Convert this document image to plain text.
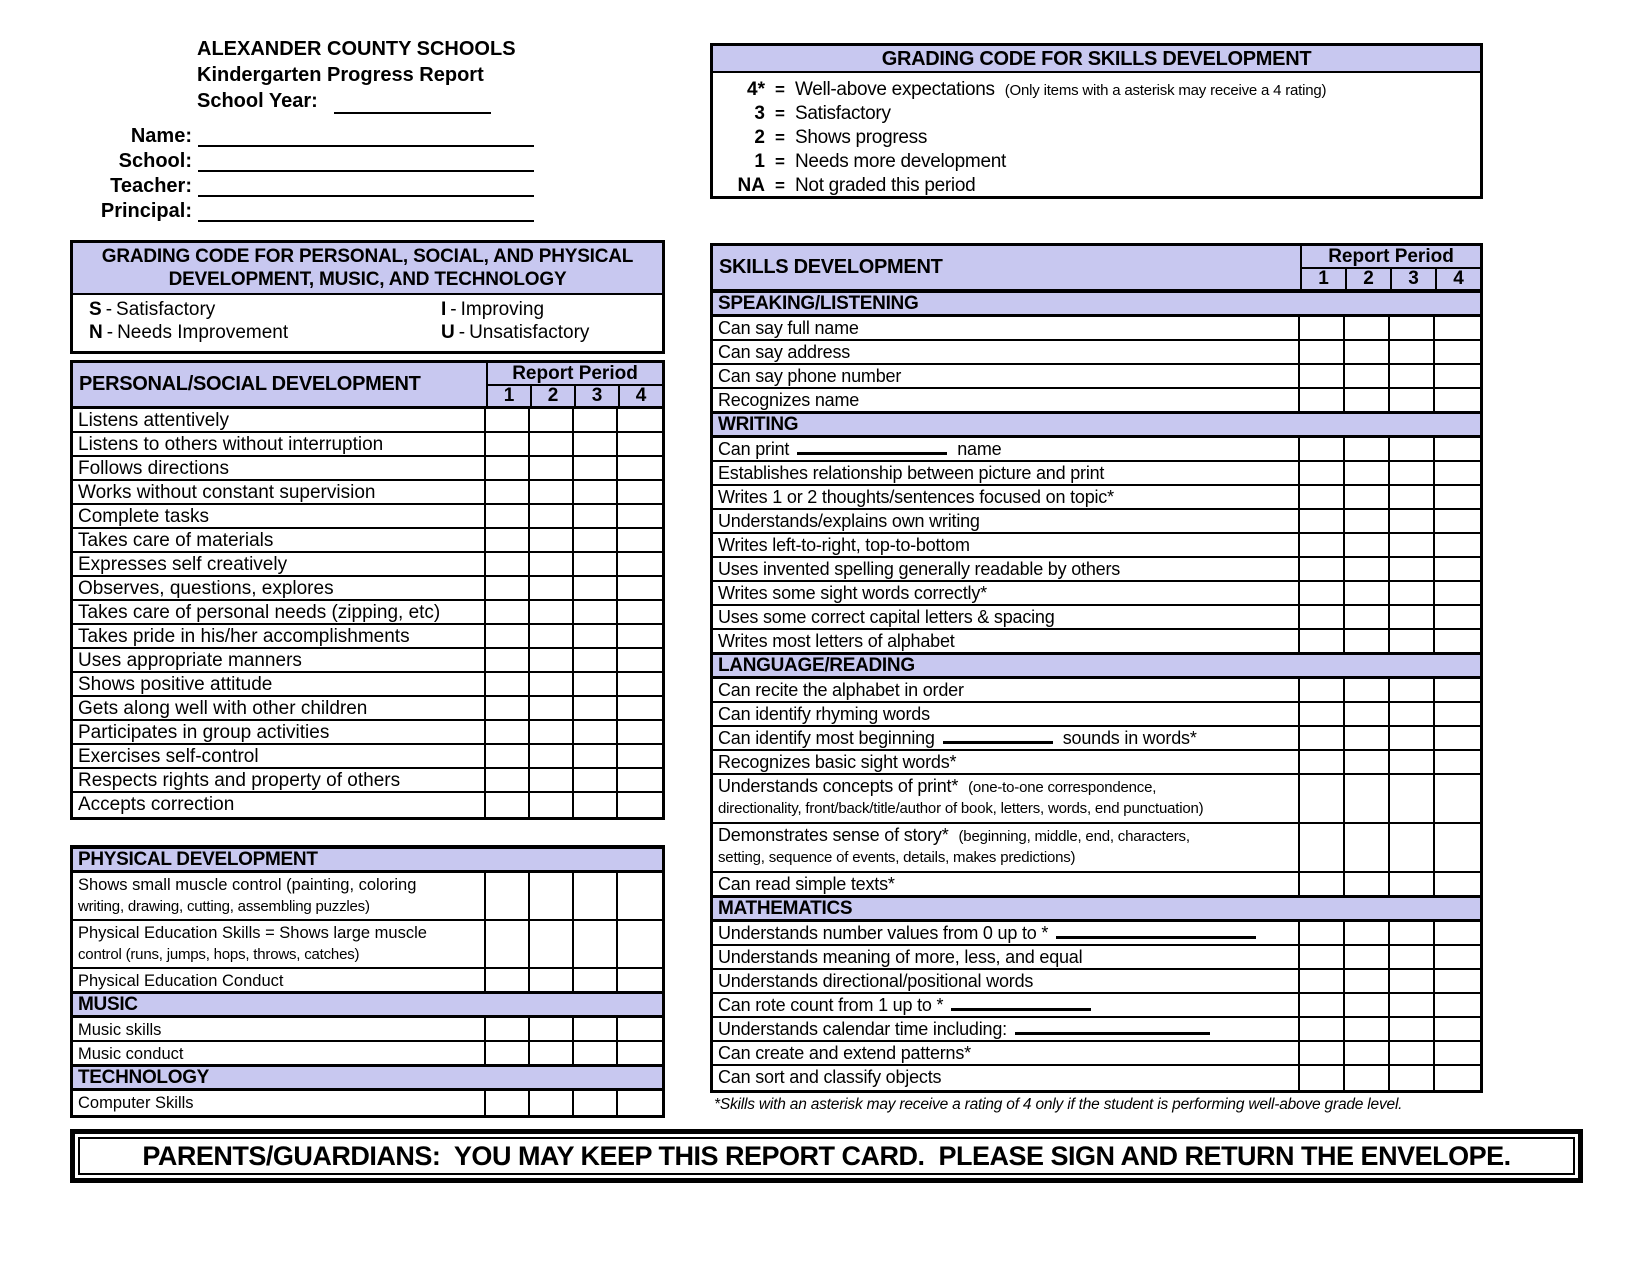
ALEXANDER COUNTY SCHOOLS
Kindergarten Progress Report
School Year:
Name:
School:
Teacher:
Principal:
GRADING CODE FOR SKILLS DEVELOPMENT
4* = Well-above expectations (Only items with a asterisk may receive a 4 rating)
3 = Satisfactory
2 = Shows progress
1 = Needs more development
NA = Not graded this period
GRADING CODE FOR PERSONAL, SOCIAL, AND PHYSICAL
DEVELOPMENT, MUSIC, AND TECHNOLOGY
S - Satisfactory	I - Improving
N - Needs Improvement	U - Unsatisfactory
PERSONAL/SOCIAL DEVELOPMENT	Report Period
1	2	3	4
Listens attentively
Listens to others without interruption
Follows directions
Works without constant supervision
Complete tasks
Takes care of materials
Expresses self creatively
Observes, questions, explores
Takes care of personal needs (zipping, etc)
Takes pride in his/her accomplishments
Uses appropriate manners
Shows positive attitude
Gets along well with other children
Participates in group activities
Exercises self-control
Respects rights and property of others
Accepts correction
PHYSICAL DEVELOPMENT
Shows small muscle control (painting, coloring
writing, drawing, cutting, assembling puzzles)
Physical Education Skills = Shows large muscle
control (runs, jumps, hops, throws, catches)
Physical Education Conduct
MUSIC
Music skills
Music conduct
TECHNOLOGY
Computer Skills
SKILLS DEVELOPMENT	Report Period
1	2	3	4
SPEAKING/LISTENING
Can say full name
Can say address
Can say phone number
Recognizes name
WRITING
Can print	name
Establishes relationship between picture and print
Writes 1 or 2 thoughts/sentences focused on topic*
Understands/explains own writing
Writes left-to-right, top-to-bottom
Uses invented spelling generally readable by others
Writes some sight words correctly*
Uses some correct capital letters & spacing
Writes most letters of alphabet
LANGUAGE/READING
Can recite the alphabet in order
Can identify rhyming words
Can identify most beginning	sounds in words*
Recognizes basic sight words*
Understands concepts of print* (one-to-one correspondence,
directionality, front/back/title/author of book, letters, words, end punctuation)
Demonstrates sense of story* (beginning, middle, end, characters,
setting, sequence of events, details, makes predictions)
Can read simple texts*
MATHEMATICS
Understands number values from 0 up to *
Understands meaning of more, less, and equal
Understands directional/positional words
Can rote count from 1 up to *
Understands calendar time including:
Can create and extend patterns*
Can sort and classify objects
*Skills with an asterisk may receive a rating of 4 only if the student is performing well-above grade level.
PARENTS/GUARDIANS:  YOU MAY KEEP THIS REPORT CARD.  PLEASE SIGN AND RETURN THE ENVELOPE.
